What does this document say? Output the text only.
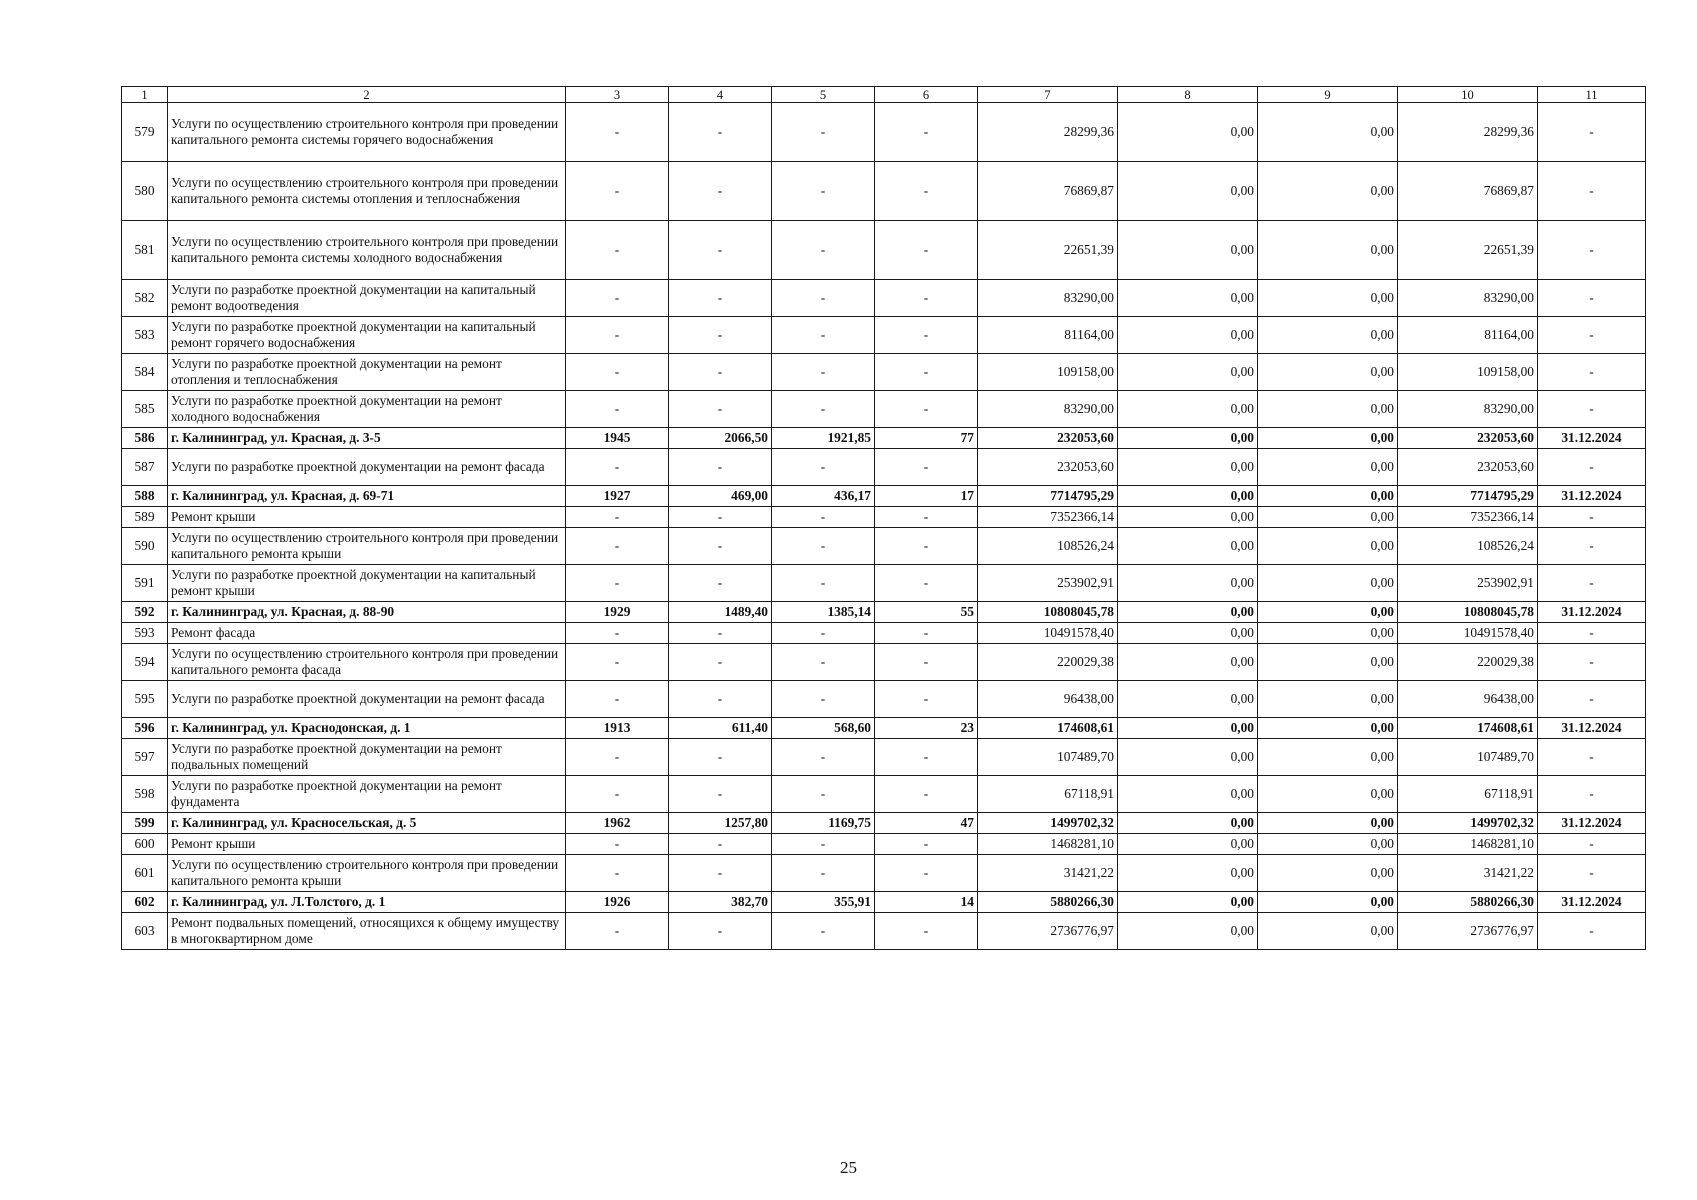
1	2	3	4	5	6	7	8	9	10	11
579	Услуги по осуществлению строительного контроля при проведении капитального ремонта системы горячего водоснабжения	-	-	-	-	28299,36	0,00	0,00	28299,36	-
580	Услуги по осуществлению строительного контроля при проведении капитального ремонта системы отопления и теплоснабжения	-	-	-	-	76869,87	0,00	0,00	76869,87	-
581	Услуги по осуществлению строительного контроля при проведении капитального ремонта системы холодного водоснабжения	-	-	-	-	22651,39	0,00	0,00	22651,39	-
582	Услуги по разработке проектной документации на капитальный ремонт водоотведения	-	-	-	-	83290,00	0,00	0,00	83290,00	-
583	Услуги по разработке проектной документации на капитальный ремонт горячего водоснабжения	-	-	-	-	81164,00	0,00	0,00	81164,00	-
584	Услуги по разработке проектной документации на ремонт отопления и теплоснабжения	-	-	-	-	109158,00	0,00	0,00	109158,00	-
585	Услуги по разработке проектной документации на ремонт холодного водоснабжения	-	-	-	-	83290,00	0,00	0,00	83290,00	-
586	г. Калининград, ул. Красная, д. 3-5	1945	2066,50	1921,85	77	232053,60	0,00	0,00	232053,60	31.12.2024
587	Услуги по разработке проектной документации на ремонт фасада	-	-	-	-	232053,60	0,00	0,00	232053,60	-
588	г. Калининград, ул. Красная, д. 69-71	1927	469,00	436,17	17	7714795,29	0,00	0,00	7714795,29	31.12.2024
589	Ремонт крыши	-	-	-	-	7352366,14	0,00	0,00	7352366,14	-
590	Услуги по осуществлению строительного контроля при проведении капитального ремонта крыши	-	-	-	-	108526,24	0,00	0,00	108526,24	-
591	Услуги по разработке проектной документации на капитальный ремонт крыши	-	-	-	-	253902,91	0,00	0,00	253902,91	-
592	г. Калининград, ул. Красная, д. 88-90	1929	1489,40	1385,14	55	10808045,78	0,00	0,00	10808045,78	31.12.2024
593	Ремонт фасада	-	-	-	-	10491578,40	0,00	0,00	10491578,40	-
594	Услуги по осуществлению строительного контроля при проведении капитального ремонта фасада	-	-	-	-	220029,38	0,00	0,00	220029,38	-
595	Услуги по разработке проектной документации на ремонт фасада	-	-	-	-	96438,00	0,00	0,00	96438,00	-
596	г. Калининград, ул. Краснодонская, д. 1	1913	611,40	568,60	23	174608,61	0,00	0,00	174608,61	31.12.2024
597	Услуги по разработке проектной документации на ремонт подвальных помещений	-	-	-	-	107489,70	0,00	0,00	107489,70	-
598	Услуги по разработке проектной документации на ремонт фундамента	-	-	-	-	67118,91	0,00	0,00	67118,91	-
599	г. Калининград, ул. Красносельская, д. 5	1962	1257,80	1169,75	47	1499702,32	0,00	0,00	1499702,32	31.12.2024
600	Ремонт крыши	-	-	-	-	1468281,10	0,00	0,00	1468281,10	-
601	Услуги по осуществлению строительного контроля при проведении капитального ремонта крыши	-	-	-	-	31421,22	0,00	0,00	31421,22	-
602	г. Калининград, ул. Л.Толстого, д. 1	1926	382,70	355,91	14	5880266,30	0,00	0,00	5880266,30	31.12.2024
603	Ремонт подвальных помещений, относящихся к общему имуществу в многоквартирном доме	-	-	-	-	2736776,97	0,00	0,00	2736776,97	-
25
